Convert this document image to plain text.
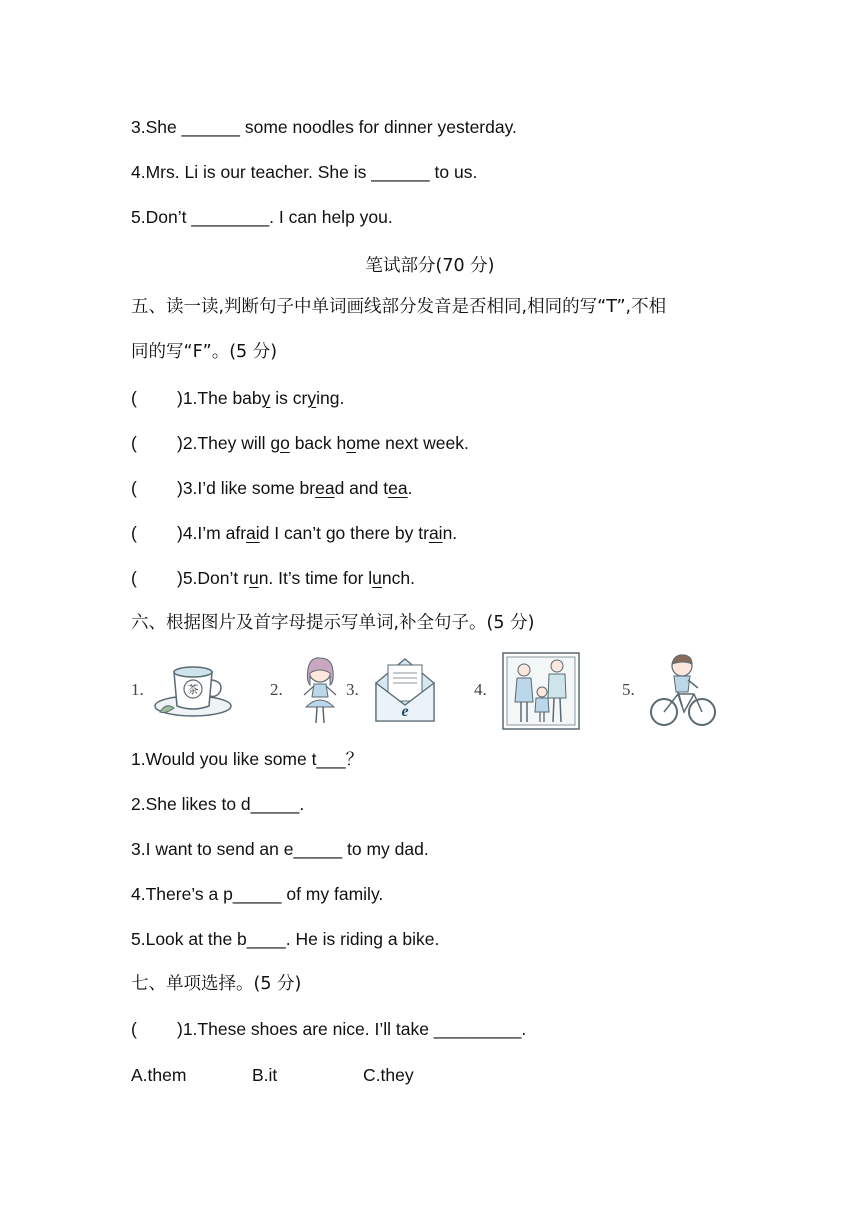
3.She ______ some noodles for dinner yesterday.
4.Mrs. Li is our teacher. She is ______ to us.
5.Don’t ________. I can help you.
笔试部分(70 分)
五、读一读,判断句子中单词画线部分发音是否相同,相同的写“T”,不相
同的写“F”。(5 分)
( )1.The baby is crying.
( )2.They will go back home next week.
( )3.I’d like some bread and tea.
( )4.I’m afraid I can’t go there by train.
( )5.Don’t run. It’s time for lunch.
六、根据图片及首字母提示写单词,补全句子。(5 分)
1.	茶	2.	3.
e
4.	5.
1.Would you like some t___？
2.She likes to d_____.
3.I want to send an e_____ to my dad.
4.There’s a p_____ of my family.
5.Look at the b____. He is riding a bike.
七、单项选择。(5 分)
( )1.These shoes are nice. I’ll take _________.
A.them	B.it	C.they
